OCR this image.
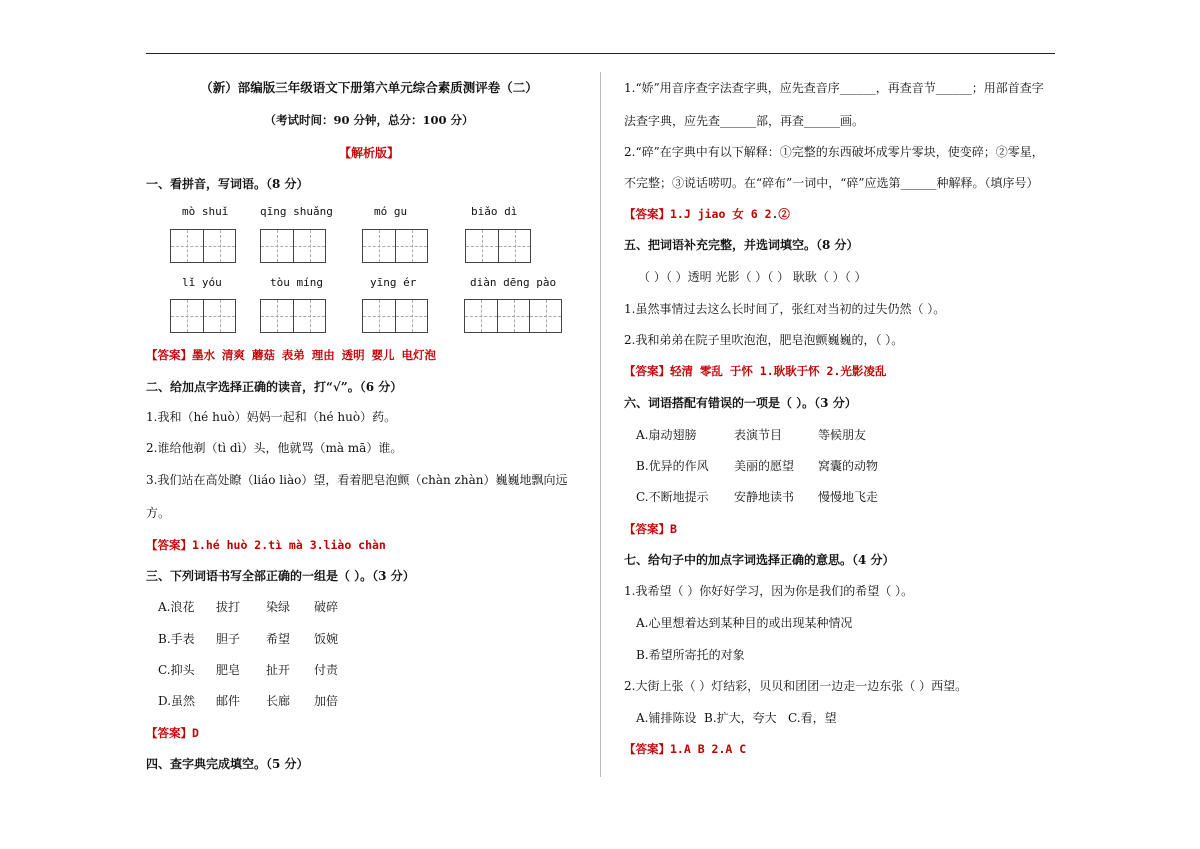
（新）部编版三年级语文下册第六单元综合素质测评卷（二）
（考试时间：90 分钟，总分：100 分）
【解析版】
一、看拼音，写词语。（8 分）
mò shuǐ	qīng shuǎng	mó gu	biǎo dì
lǐ yóu	tòu míng	yīng ér	diàn dēng pào
【答案】墨水 清爽 蘑菇 表弟 理由 透明 婴儿 电灯泡
二、给加点字选择正确的读音，打“√”。（6 分）
1.我和（hé huò）妈妈一起和（hé huò）药。
2.谁给他剃（tì dì）头，他就骂（mà mā）谁。
3.我们站在高处瞭（liáo liào）望，看着肥皂泡颤（chàn zhàn）巍巍地飘向远
方。
【答案】1.hé huò 2.tì mà 3.liào chàn
三、下列词语书写全部正确的一组是（ ）。（3 分）
A.浪花	拔打	染绿	破碎
B.手表	胆子	希望	饭婉
C.抑头	肥皂	扯开	付责
D.虽然	邮件	长廊	加倍
【答案】D
四、查字典完成填空。（5 分）
1.“娇”用音序查字法查字典，应先查音序______，再查音节______；用部首查字
法查字典，应先查______部，再查______画。
2.“碎”在字典中有以下解释：①完整的东西破坏成零片零块，使变碎；②零星，
不完整；③说话唠叨。在“碎布”一词中，“碎”应选第______种解释。（填序号）
【答案】1.J jiao 女 6 2.②
五、把词语补充完整，并选词填空。（8 分）
（ ）（ ）透明 光影（ ）（ ） 耿耿（ ）（ ）
1.虽然事情过去这么长时间了，张红对当初的过失仍然（ ）。
2.我和弟弟在院子里吹泡泡，肥皂泡颤巍巍的，（ ）。
【答案】轻清 零乱 于怀 1.耿耿于怀 2.光影凌乱
六、词语搭配有错误的一项是（ ）。（3 分）
A.扇动翅膀	表演节目	等候朋友
B.优异的作风	美丽的愿望	窝囊的动物
C.不断地提示	安静地读书	慢慢地飞走
【答案】B
七、给句子中的加点字词选择正确的意思。（4 分）
1.我希望（ ）你好好学习，因为你是我们的希望（ ）。
A.心里想着达到某种目的或出现某种情况
B.希望所寄托的对象
2.大街上张（ ）灯结彩，贝贝和团团一边走一边东张（ ）西望。
A.铺排陈设 B.扩大，夸大 C.看，望
【答案】1.A B 2.A C
